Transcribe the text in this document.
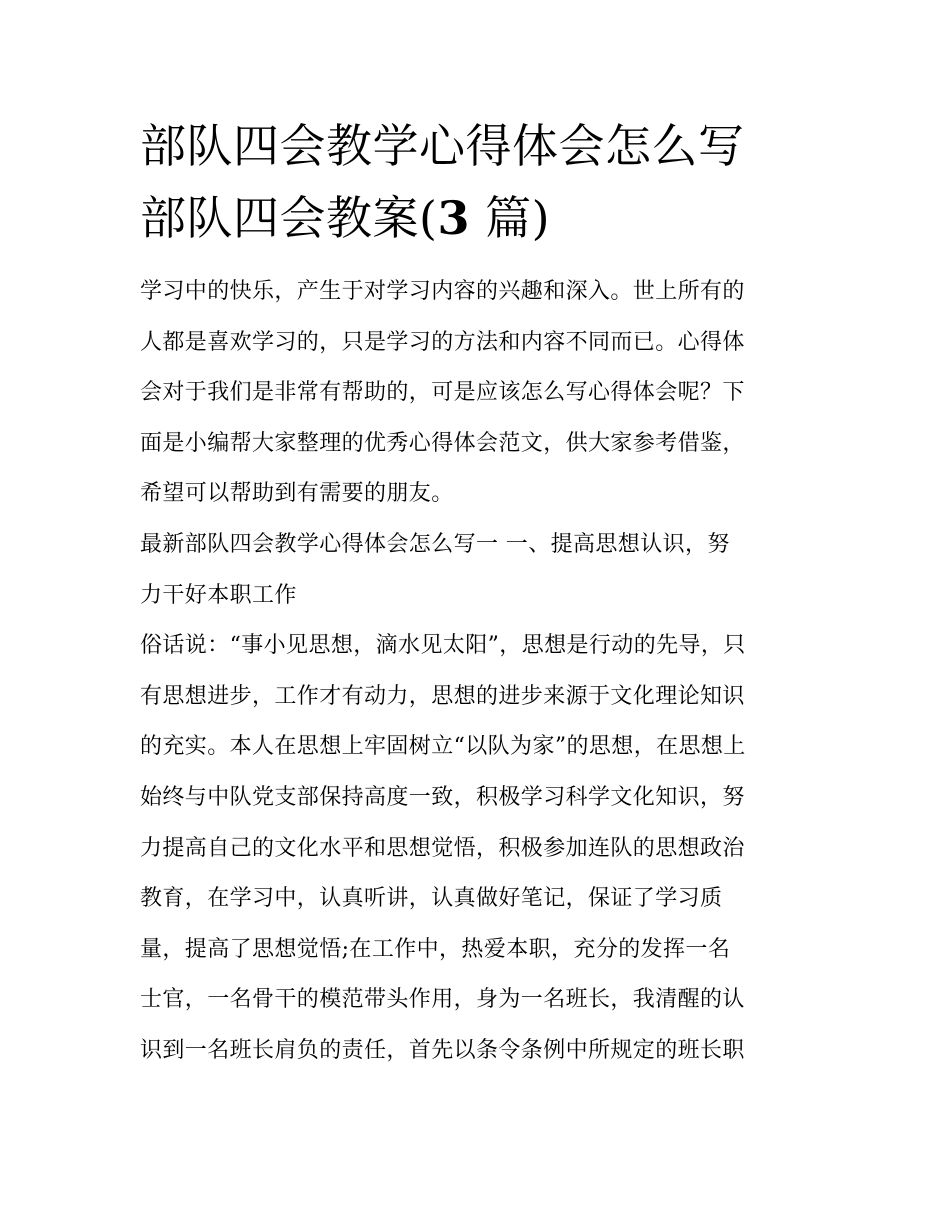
部队四会教学心得体会怎么写
部队四会教案(3 篇)

学习中的快乐，产生于对学习内容的兴趣和深入。世上所有的
人都是喜欢学习的，只是学习的方法和内容不同而已。心得体
会对于我们是非常有帮助的，可是应该怎么写心得体会呢？下
面是小编帮大家整理的优秀心得体会范文，供大家参考借鉴，
希望可以帮助到有需要的朋友。

最新部队四会教学心得体会怎么写一 一、提高思想认识，努
力干好本职工作

俗话说：“事小见思想，滴水见太阳”，思想是行动的先导，只
有思想进步，工作才有动力，思想的进步来源于文化理论知识
的充实。本人在思想上牢固树立“以队为家”的思想，在思想上
始终与中队党支部保持高度一致，积极学习科学文化知识，努
力提高自己的文化水平和思想觉悟，积极参加连队的思想政治
教育，在学习中，认真听讲，认真做好笔记，保证了学习质
量，提高了思想觉悟;在工作中，热爱本职，充分的发挥一名
士官，一名骨干的模范带头作用，身为一名班长，我清醒的认
识到一名班长肩负的责任，首先以条令条例中所规定的班长职
